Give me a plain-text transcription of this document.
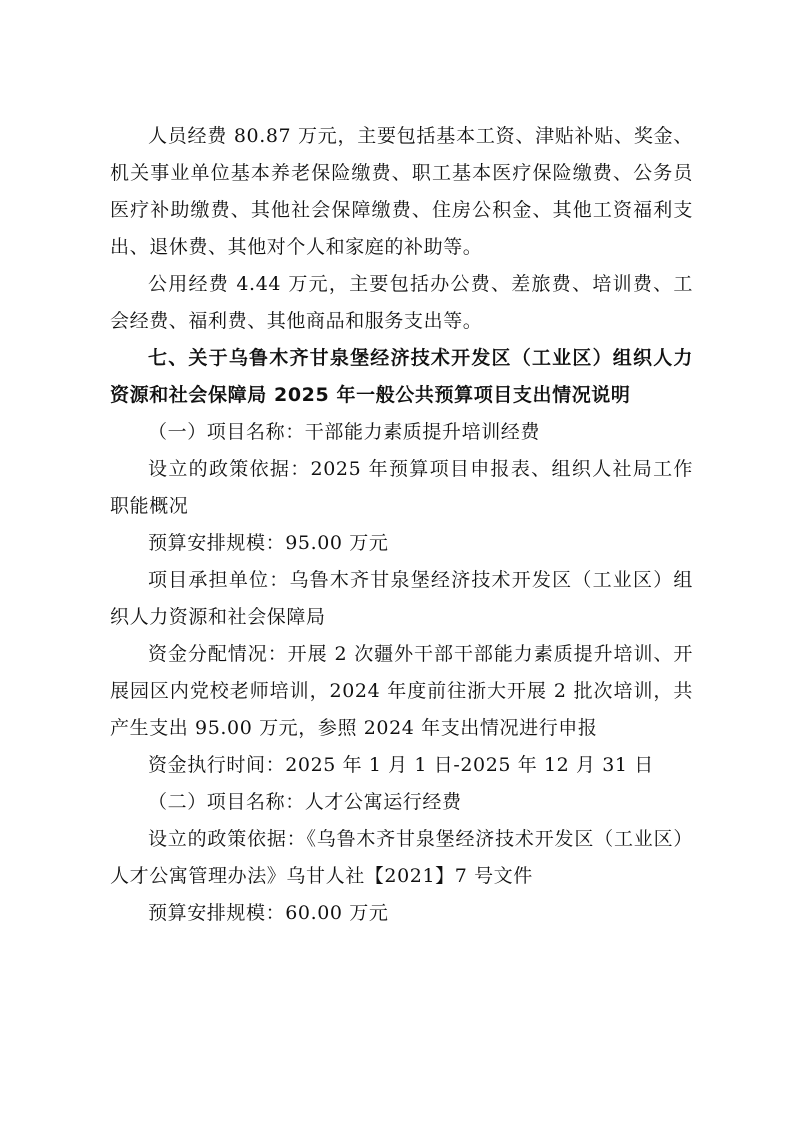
人员经费 80.87 万元，主要包括基本工资、津贴补贴、奖金、机关事业单位基本养老保险缴费、职工基本医疗保险缴费、公务员医疗补助缴费、其他社会保障缴费、住房公积金、其他工资福利支出、退休费、其他对个人和家庭的补助等。

公用经费 4.44 万元，主要包括办公费、差旅费、培训费、工会经费、福利费、其他商品和服务支出等。

七、关于乌鲁木齐甘泉堡经济技术开发区（工业区）组织人力资源和社会保障局 2025 年一般公共预算项目支出情况说明

（一）项目名称：干部能力素质提升培训经费

设立的政策依据：2025 年预算项目申报表、组织人社局工作职能概况

预算安排规模：95.00 万元

项目承担单位：乌鲁木齐甘泉堡经济技术开发区（工业区）组织人力资源和社会保障局

资金分配情况：开展 2 次疆外干部干部能力素质提升培训、开展园区内党校老师培训，2024 年度前往浙大开展 2 批次培训，共产生支出 95.00 万元，参照 2024 年支出情况进行申报

资金执行时间：2025 年 1 月 1 日-2025 年 12 月 31 日

（二）项目名称：人才公寓运行经费

设立的政策依据：《乌鲁木齐甘泉堡经济技术开发区（工业区）人才公寓管理办法》乌甘人社【2021】7 号文件

预算安排规模：60.00 万元
